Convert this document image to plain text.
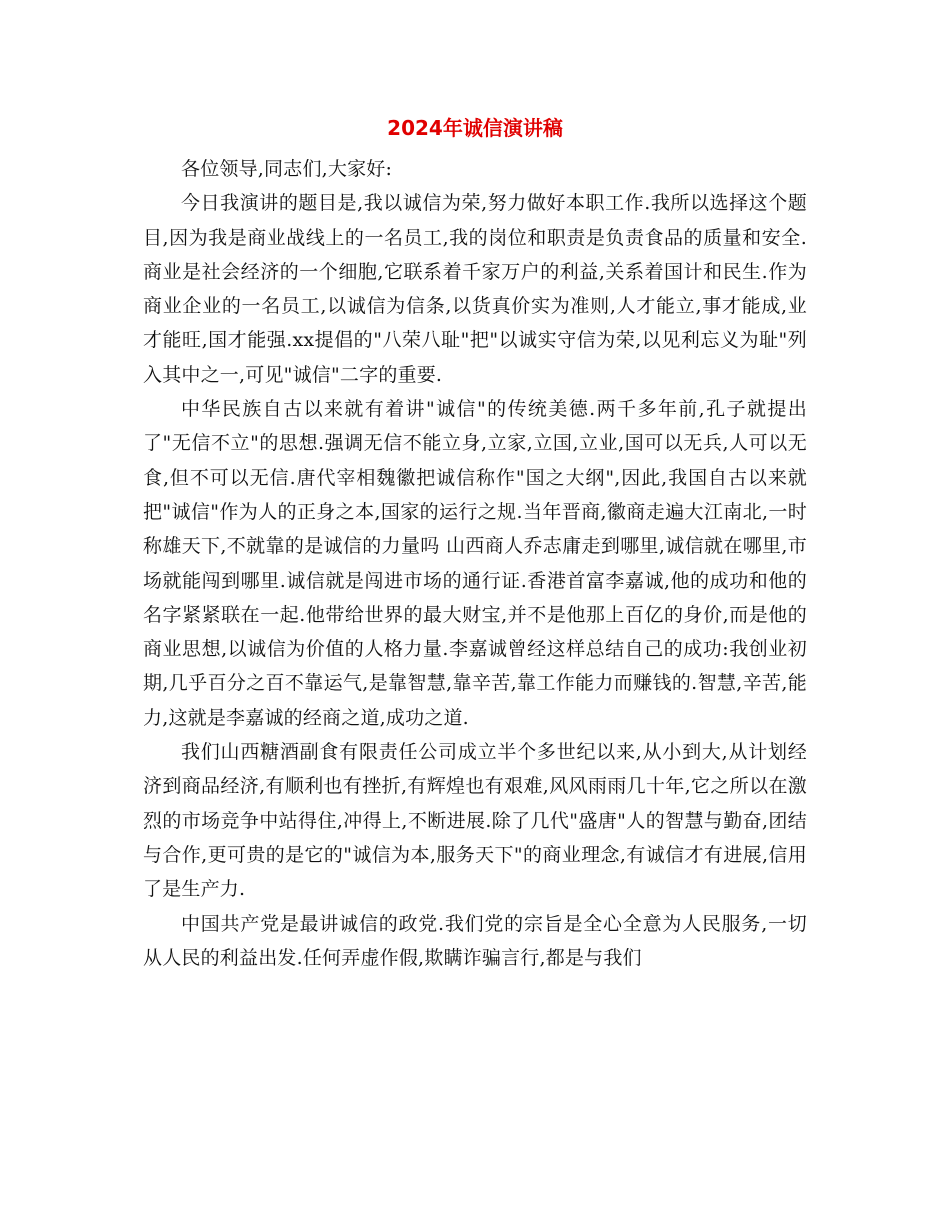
2024年诚信演讲稿

各位领导,同志们,大家好:

今日我演讲的题目是,我以诚信为荣,努力做好本职工作.我所以选择这个题目,因为我是商业战线上的一名员工,我的岗位和职责是负责食品的质量和安全.商业是社会经济的一个细胞,它联系着千家万户的利益,关系着国计和民生.作为商业企业的一名员工,以诚信为信条,以货真价实为准则,人才能立,事才能成,业才能旺,国才能强.xx提倡的"八荣八耻"把"以诚实守信为荣,以见利忘义为耻"列入其中之一,可见"诚信"二字的重要.

中华民族自古以来就有着讲"诚信"的传统美德.两千多年前,孔子就提出了"无信不立"的思想.强调无信不能立身,立家,立国,立业,国可以无兵,人可以无食,但不可以无信.唐代宰相魏徽把诚信称作"国之大纲",因此,我国自古以来就把"诚信"作为人的正身之本,国家的运行之规.当年晋商,徽商走遍大江南北,一时称雄天下,不就靠的是诚信的力量吗 山西商人乔志庸走到哪里,诚信就在哪里,市场就能闯到哪里.诚信就是闯进市场的通行证.香港首富李嘉诚,他的成功和他的名字紧紧联在一起.他带给世界的最大财宝,并不是他那上百亿的身价,而是他的商业思想,以诚信为价值的人格力量.李嘉诚曾经这样总结自己的成功:我创业初期,几乎百分之百不靠运气,是靠智慧,靠辛苦,靠工作能力而赚钱的.智慧,辛苦,能力,这就是李嘉诚的经商之道,成功之道.

我们山西糖酒副食有限责任公司成立半个多世纪以来,从小到大,从计划经济到商品经济,有顺利也有挫折,有辉煌也有艰难,风风雨雨几十年,它之所以在激烈的市场竞争中站得住,冲得上,不断进展.除了几代"盛唐"人的智慧与勤奋,团结与合作,更可贵的是它的"诚信为本,服务天下"的商业理念,有诚信才有进展,信用了是生产力.

中国共产党是最讲诚信的政党.我们党的宗旨是全心全意为人民服务,一切从人民的利益出发.任何弄虚作假,欺瞒诈骗言行,都是与我们
